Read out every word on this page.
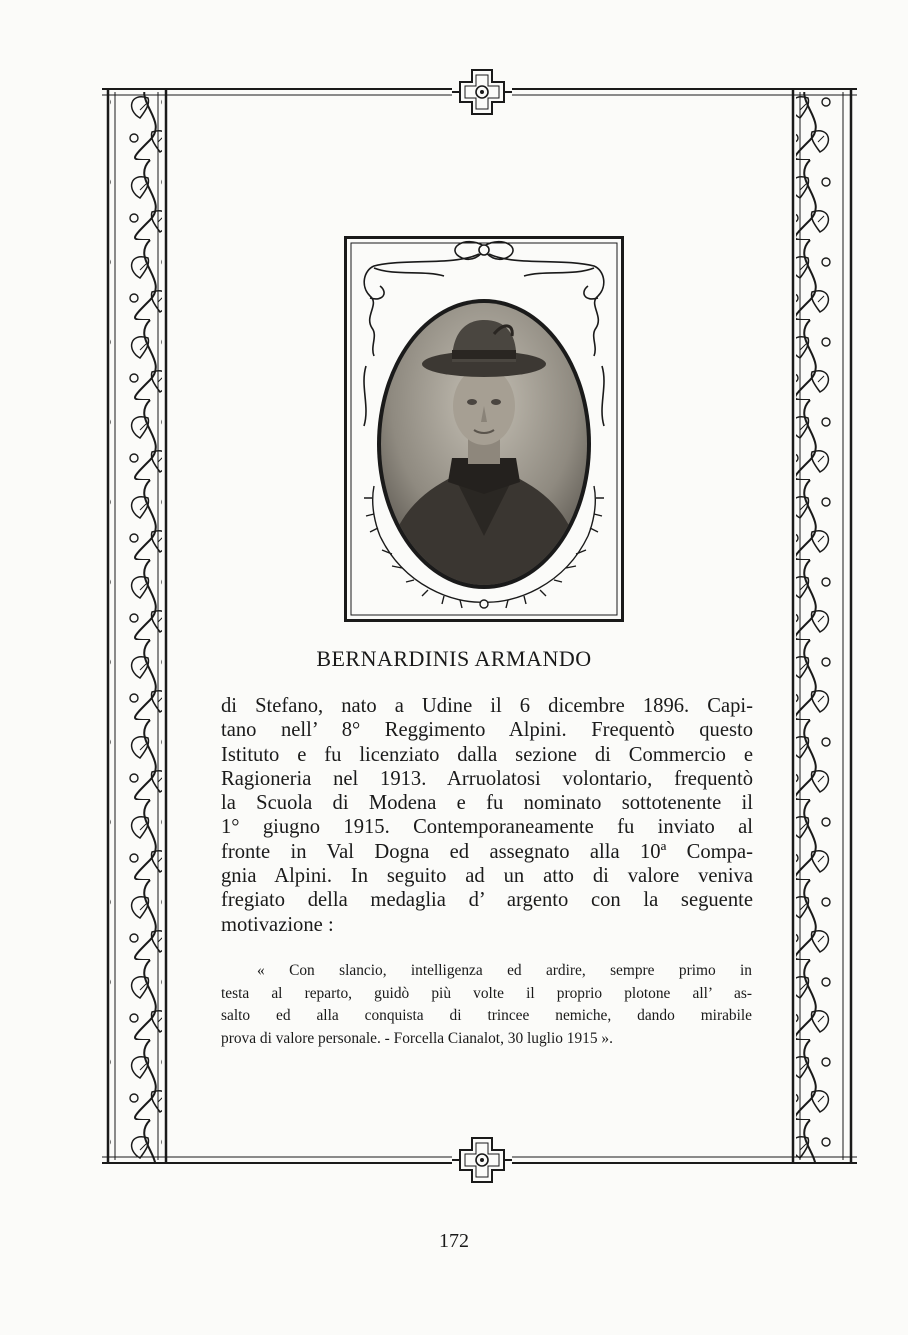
BERNARDINIS ARMANDO
di Stefano, nato a Udine il 6 dicembre 1896. Capi-
tano nell’ 8° Reggimento Alpini. Frequentò questo
Istituto e fu licenziato dalla sezione di Commercio e
Ragioneria nel 1913. Arruolatosi volontario, frequentò
la Scuola di Modena e fu nominato sottotenente il
1° giugno 1915. Contemporaneamente fu inviato al
fronte in Val Dogna ed assegnato alla 10ª Compa-
gnia Alpini. In seguito ad un atto di valore veniva
fregiato della medaglia d’ argento con la seguente
motivazione :
« Con slancio, intelligenza ed ardire, sempre primo in
testa al reparto, guidò più volte il proprio plotone all’ as-
salto ed alla conquista di trincee nemiche, dando mirabile
prova di valore personale. - Forcella Cianalot, 30 luglio 1915 ».
172
